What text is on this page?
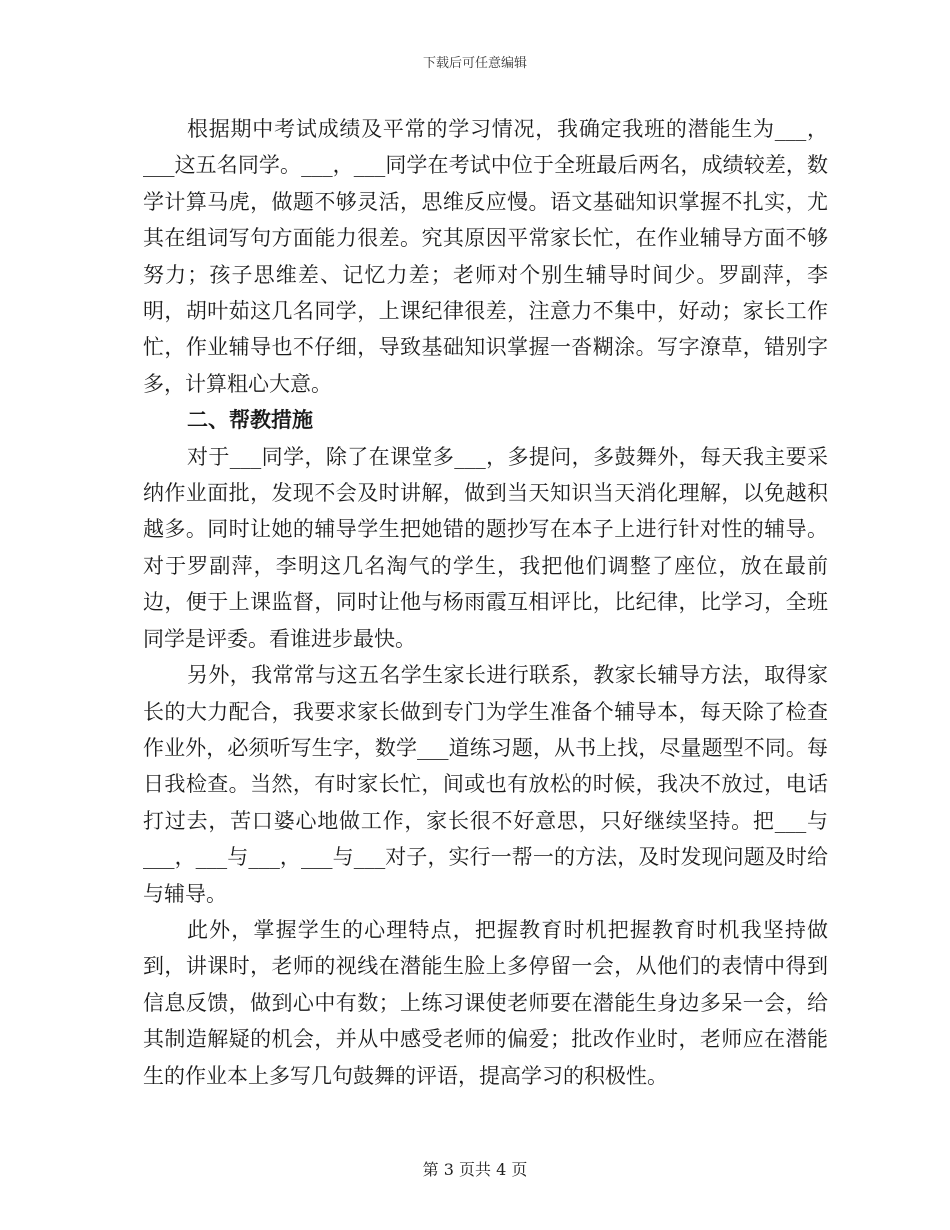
下载后可任意编辑

根据期中考试成绩及平常的学习情况，我确定我班的潜能生为___，___这五名同学。___，___同学在考试中位于全班最后两名，成绩较差，数学计算马虎，做题不够灵活，思维反应慢。语文基础知识掌握不扎实，尤其在组词写句方面能力很差。究其原因平常家长忙，在作业辅导方面不够努力；孩子思维差、记忆力差；老师对个别生辅导时间少。罗副萍，李明，胡叶茹这几名同学，上课纪律很差，注意力不集中，好动；家长工作忙，作业辅导也不仔细，导致基础知识掌握一沓糊涂。写字潦草，错别字多，计算粗心大意。

二、帮教措施

对于___同学，除了在课堂多___，多提问，多鼓舞外，每天我主要采纳作业面批，发现不会及时讲解，做到当天知识当天消化理解，以免越积越多。同时让她的辅导学生把她错的题抄写在本子上进行针对性的辅导。对于罗副萍，李明这几名淘气的学生，我把他们调整了座位，放在最前边，便于上课监督，同时让他与杨雨霞互相评比，比纪律，比学习，全班同学是评委。看谁进步最快。

另外，我常常与这五名学生家长进行联系，教家长辅导方法，取得家长的大力配合，我要求家长做到专门为学生准备个辅导本，每天除了检查作业外，必须听写生字，数学___道练习题，从书上找，尽量题型不同。每日我检查。当然，有时家长忙，间或也有放松的时候，我决不放过，电话打过去，苦口婆心地做工作，家长很不好意思，只好继续坚持。把___与___，___与___，___与___对子，实行一帮一的方法，及时发现问题及时给与辅导。

此外，掌握学生的心理特点，把握教育时机把握教育时机我坚持做到，讲课时，老师的视线在潜能生脸上多停留一会，从他们的表情中得到信息反馈，做到心中有数；上练习课使老师要在潜能生身边多呆一会，给其制造解疑的机会，并从中感受老师的偏爱；批改作业时，老师应在潜能生的作业本上多写几句鼓舞的评语，提高学习的积极性。

第 3 页共 4 页
